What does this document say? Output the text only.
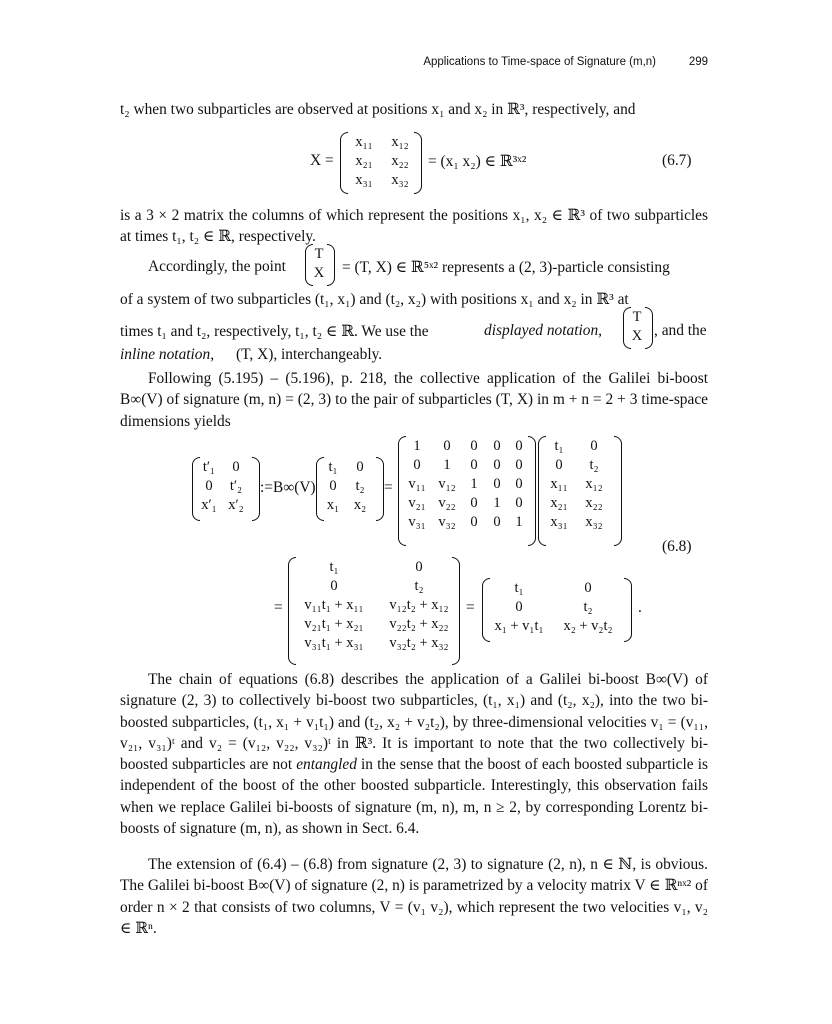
Applications to Time-space of Signature (m,n)	299

t₂ when two subparticles are observed at positions x₁ and x₂ in ℝ³, respectively, and

X =
x₁₁	x₁₂
x₂₁	x₂₂
x₃₁	x₃₂
= (x₁ x₂) ∈ ℝ³ˣ²	(6.7)

is a 3 × 2 matrix the columns of which represent the positions x₁, x₂ ∈ ℝ³ of two subparticles at times t₁, t₂ ∈ ℝ, respectively.

Accordingly, the point
T
X = (T, X) ∈ ℝ⁵ˣ² represents a (2, 3)-particle consisting
of a system of two subparticles (t₁, x₁) and (t₂, x₂) with positions x₁ and x₂ in ℝ³ at
times t₁ and t₂, respectively, t₁, t₂ ∈ ℝ. We use the	displayed notation,
T
X , and the
inline notation, (T, X), interchangeably.

Following (5.195) – (5.196), p. 218, the collective application of the Galilei bi-boost B∞(V) of signature (m, n) = (2, 3) to the pair of subparticles (T, X) in m + n = 2 + 3 time-space dimensions yields

t′₁	0
0	t′₂
x′₁ x′₂
:=B∞(V)
t₁	0
0	t₂
x₁	x₂
=
1	0	0	0	0
0	1	0	0	0
v₁₁ v₁₂	1	0	0
v₂₁ v₂₂	0	1	0
v₃₁ v₃₂	0	0	1
t₁	0
0	t₂
x₁₁	x₁₂
x₂₁	x₂₂
x₃₁	x₃₂
(6.8)
=
t₁	0
0	t₂
v₁₁t₁ + x₁₁	v₁₂t₂ + x₁₂
v₂₁t₁ + x₂₁	v₂₂t₂ + x₂₂
v₃₁t₁ + x₃₁	v₃₂t₂ + x₃₂
=
t₁	0
0	t₂
x₁ + v₁t₁	x₂ + v₂t₂
.

The chain of equations (6.8) describes the application of a Galilei bi-boost B∞(V) of signature (2, 3) to collectively bi-boost two subparticles, (t₁, x₁) and (t₂, x₂), into the two bi-boosted subparticles, (t₁, x₁ + v₁t₁) and (t₂, x₂ + v₂t₂), by three-dimensional velocities v₁ = (v₁₁, v₂₁, v₃₁)ᵗ and v₂ = (v₁₂, v₂₂, v₃₂)ᵗ in ℝ³. It is important to note that the two collectively bi-boosted subparticles are not entangled in the sense that the boost of each boosted subparticle is independent of the boost of the other boosted subparticle. Interestingly, this observation fails when we replace Galilei bi-boosts of signature (m, n), m, n ≥ 2, by corresponding Lorentz bi-boosts of signature (m, n), as shown in Sect. 6.4.

The extension of (6.4) – (6.8) from signature (2, 3) to signature (2, n), n ∈ ℕ, is obvious. The Galilei bi-boost B∞(V) of signature (2, n) is parametrized by a velocity matrix V ∈ ℝⁿˣ² of order n × 2 that consists of two columns, V = (v₁ v₂), which represent the two velocities v₁, v₂ ∈ ℝⁿ.
